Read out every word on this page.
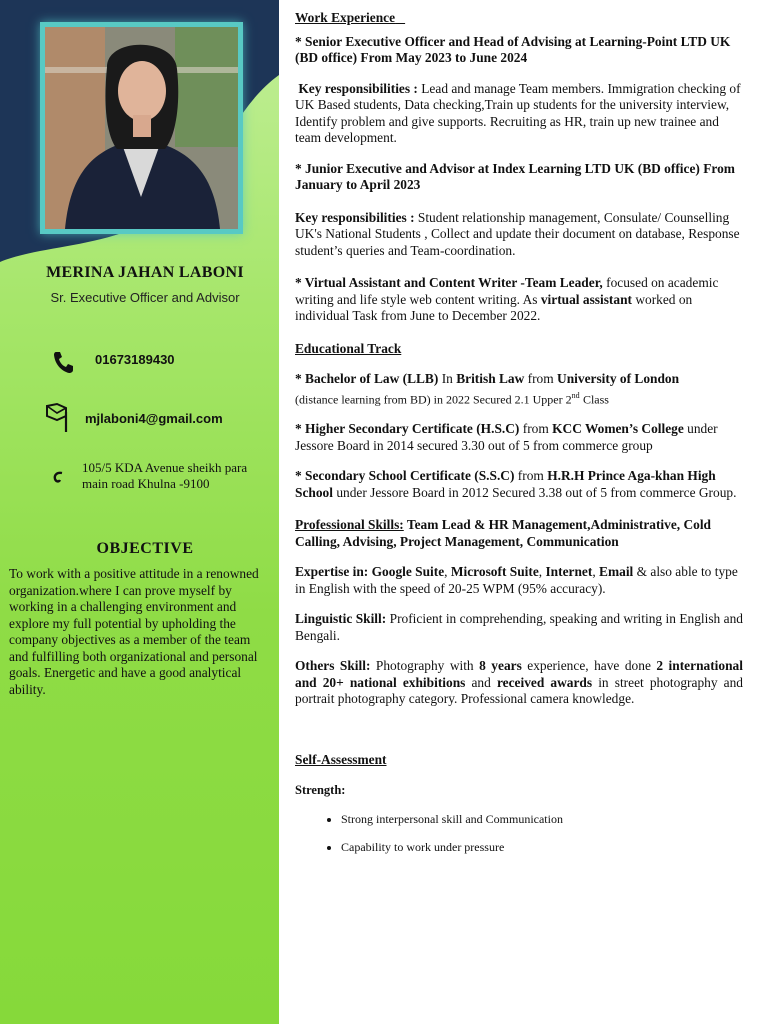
MERINA JAHAN LABONI
Sr. Executive Officer and Advisor
01673189430
mjlaboni4@gmail.com
105/5 KDA Avenue sheikh para main road Khulna -9100
OBJECTIVE
To work with a positive attitude in a renowned organization.where I can prove myself by working in a challenging environment and explore my full potential by upholding the company objectives as a member of the team and fulfilling both organizational and personal goals. Energetic and have a good analytical ability.
Work Experience

* Senior Executive Officer and Head of Advising at Learning-Point LTD UK (BD office) From May 2023 to June 2024

Key responsibilities : Lead and manage Team members. Immigration checking of UK Based students, Data checking,Train up students for the university interview, Identify problem and give supports. Recruiting as HR, train up new trainee and team development.

* Junior Executive and Advisor at Index Learning LTD UK (BD office) From January to April 2023

Key responsibilities : Student relationship management, Consulate/ Counselling UK's National Students , Collect and update their document on database, Response student’s queries and Team-coordination.

* Virtual Assistant and Content Writer -Team Leader, focused on academic writing and life style web content writing. As virtual assistant worked on individual Task from June to December 2022.

Educational Track

* Bachelor of Law (LLB) In British Law from University of London
(distance learning from BD) in 2022 Secured 2.1 Upper 2nd Class

* Higher Secondary Certificate (H.S.C) from KCC Women’s College under Jessore Board in 2014 secured 3.30 out of 5 from commerce group

* Secondary School Certificate (S.S.C) from H.R.H Prince Aga-khan High School under Jessore Board in 2012 Secured 3.38 out of 5 from commerce Group.

Professional Skills: Team Lead & HR Management,Administrative, Cold Calling, Advising, Project Management, Communication

Expertise in: Google Suite, Microsoft Suite, Internet, Email & also able to type in English with the speed of 20-25 WPM (95% accuracy).

Linguistic Skill: Proficient in comprehending, speaking and writing in English and Bengali.

Others Skill: Photography with 8 years experience, have done 2 international and 20+ national exhibitions and received awards in street photography and portrait photography category. Professional camera knowledge.

Self-Assessment

Strength:

• Strong interpersonal skill and Communication
• Capability to work under pressure
